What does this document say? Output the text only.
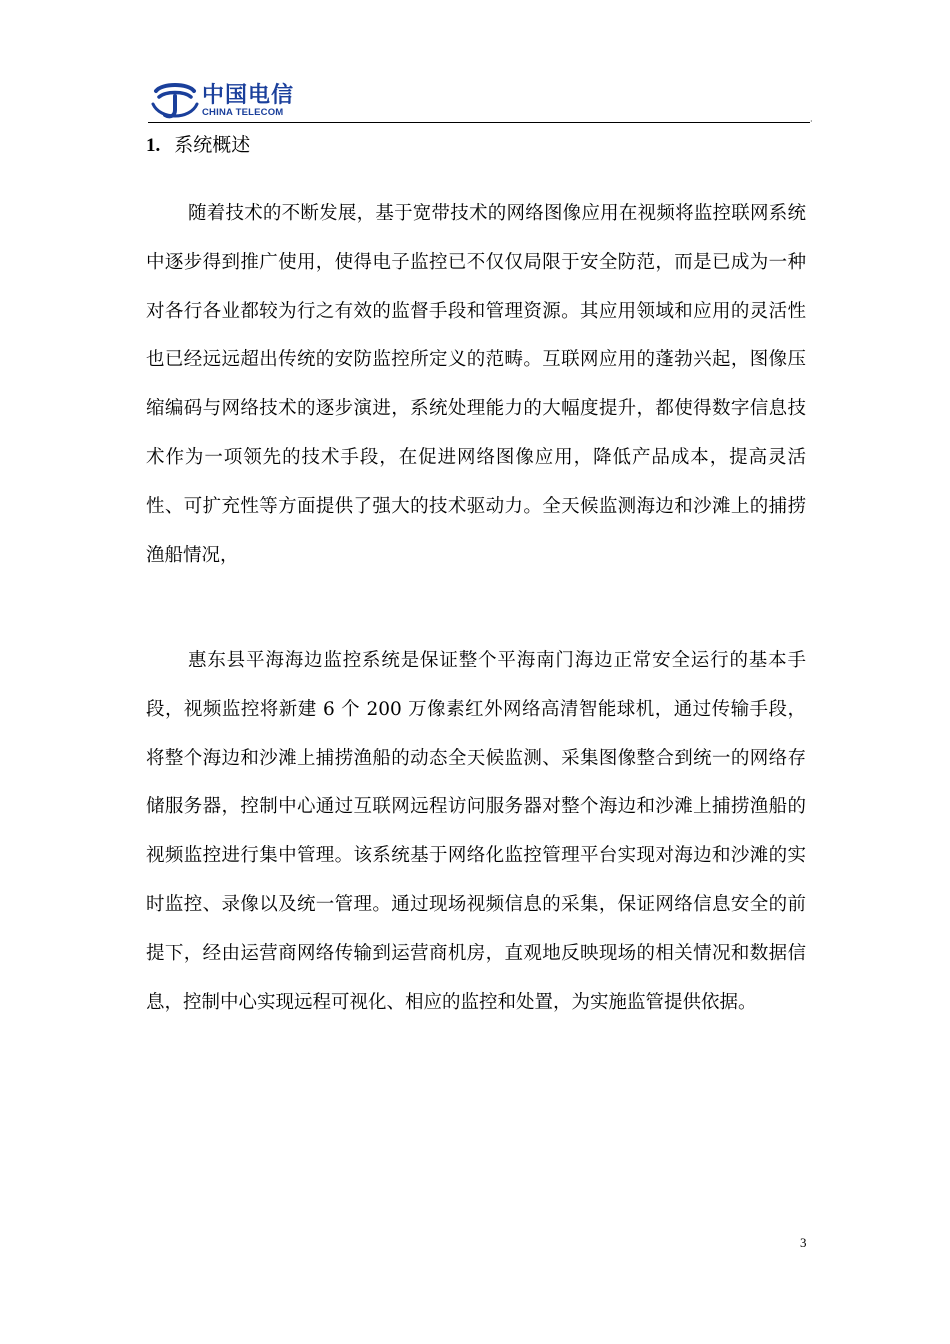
中国电信
CHINA TELECOM
·
1. 系统概述

随着技术的不断发展，基于宽带技术的网络图像应用在视频将监控联网系统中逐步得到推广使用，使得电子监控已不仅仅局限于安全防范，而是已成为一种对各行各业都较为行之有效的监督手段和管理资源。其应用领域和应用的灵活性也已经远远超出传统的安防监控所定义的范畴。互联网应用的蓬勃兴起，图像压缩编码与网络技术的逐步演进，系统处理能力的大幅度提升，都使得数字信息技术作为一项领先的技术手段，在促进网络图像应用，降低产品成本，提高灵活性、可扩充性等方面提供了强大的技术驱动力。全天候监测海边和沙滩上的捕捞渔船情况，

惠东县平海海边监控系统是保证整个平海南门海边正常安全运行的基本手段，视频监控将新建 6 个 200 万像素红外网络高清智能球机，通过传输手段，将整个海边和沙滩上捕捞渔船的动态全天候监测、采集图像整合到统一的网络存储服务器，控制中心通过互联网远程访问服务器对整个海边和沙滩上捕捞渔船的视频监控进行集中管理。该系统基于网络化监控管理平台实现对海边和沙滩的实时监控、录像以及统一管理。通过现场视频信息的采集，保证网络信息安全的前提下，经由运营商网络传输到运营商机房，直观地反映现场的相关情况和数据信息，控制中心实现远程可视化、相应的监控和处置，为实施监管提供依据。

3
